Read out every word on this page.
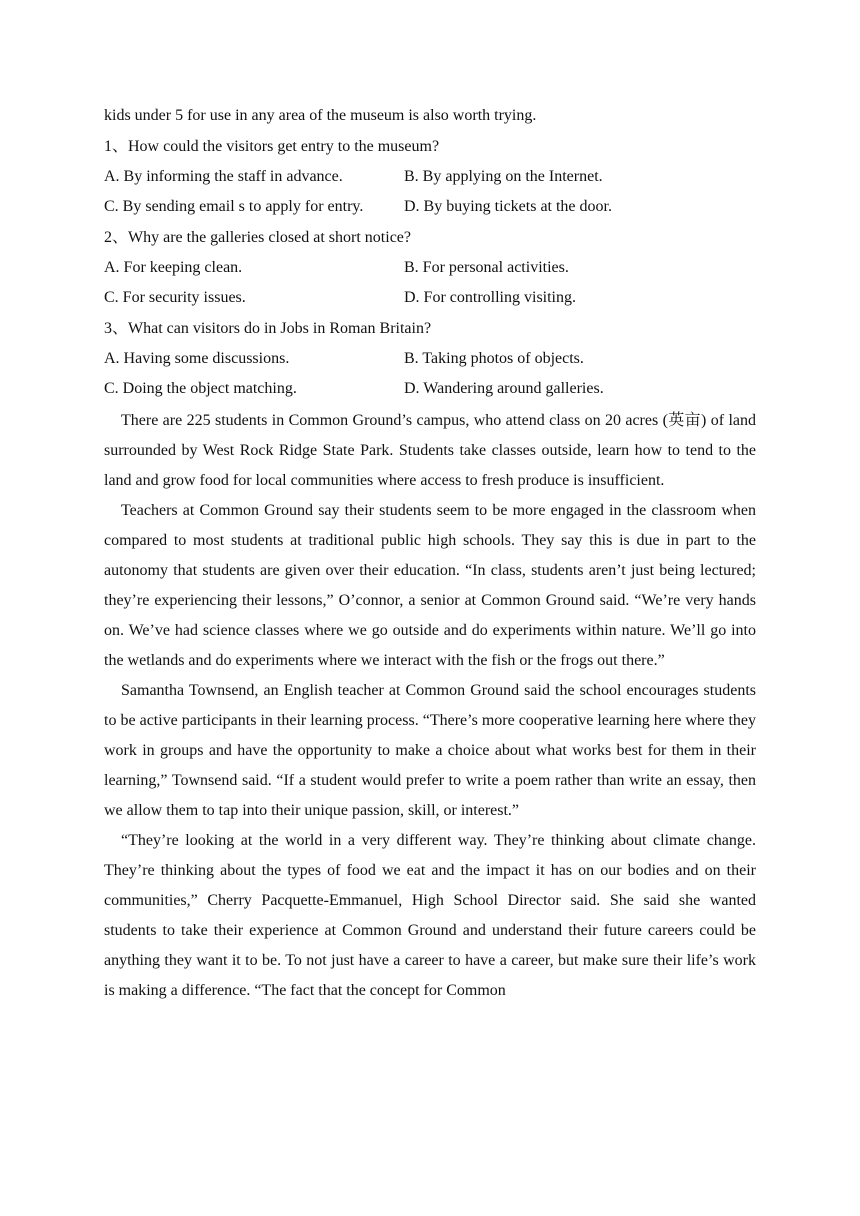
kids under 5 for use in any area of the museum is also worth trying.

1、How could the visitors get entry to the museum?

A. By informing the staff in advance.	B. By applying on the Internet.
C. By sending email s to apply for entry.	D. By buying tickets at the door.

2、Why are the galleries closed at short notice?

A. For keeping clean.	B. For personal activities.
C. For security issues.	D. For controlling visiting.

3、What can visitors do in Jobs in Roman Britain?

A. Having some discussions.	B. Taking photos of objects.
C. Doing the object matching.	D. Wandering around galleries.

There are 225 students in Common Ground’s campus, who attend class on 20 acres (英亩) of land surrounded by West Rock Ridge State Park. Students take classes outside, learn how to tend to the land and grow food for local communities where access to fresh produce is insufficient.

Teachers at Common Ground say their students seem to be more engaged in the classroom when compared to most students at traditional public high schools. They say this is due in part to the autonomy that students are given over their education. “In class, students aren’t just being lectured; they’re experiencing their lessons,” O’connor, a senior at Common Ground said. “We’re very hands on. We’ve had science classes where we go outside and do experiments within nature. We’ll go into the wetlands and do experiments where we interact with the fish or the frogs out there.”

Samantha Townsend, an English teacher at Common Ground said the school encourages students to be active participants in their learning process. “There’s more cooperative learning here where they work in groups and have the opportunity to make a choice about what works best for them in their learning,” Townsend said. “If a student would prefer to write a poem rather than write an essay, then we allow them to tap into their unique passion, skill, or interest.”

“They’re looking at the world in a very different way. They’re thinking about climate change. They’re thinking about the types of food we eat and the impact it has on our bodies and on their communities,” Cherry Pacquette-Emmanuel, High School Director said. She said she wanted students to take their experience at Common Ground and understand their future careers could be anything they want it to be. To not just have a career to have a career, but make sure their life’s work is making a difference. “The fact that the concept for Common
